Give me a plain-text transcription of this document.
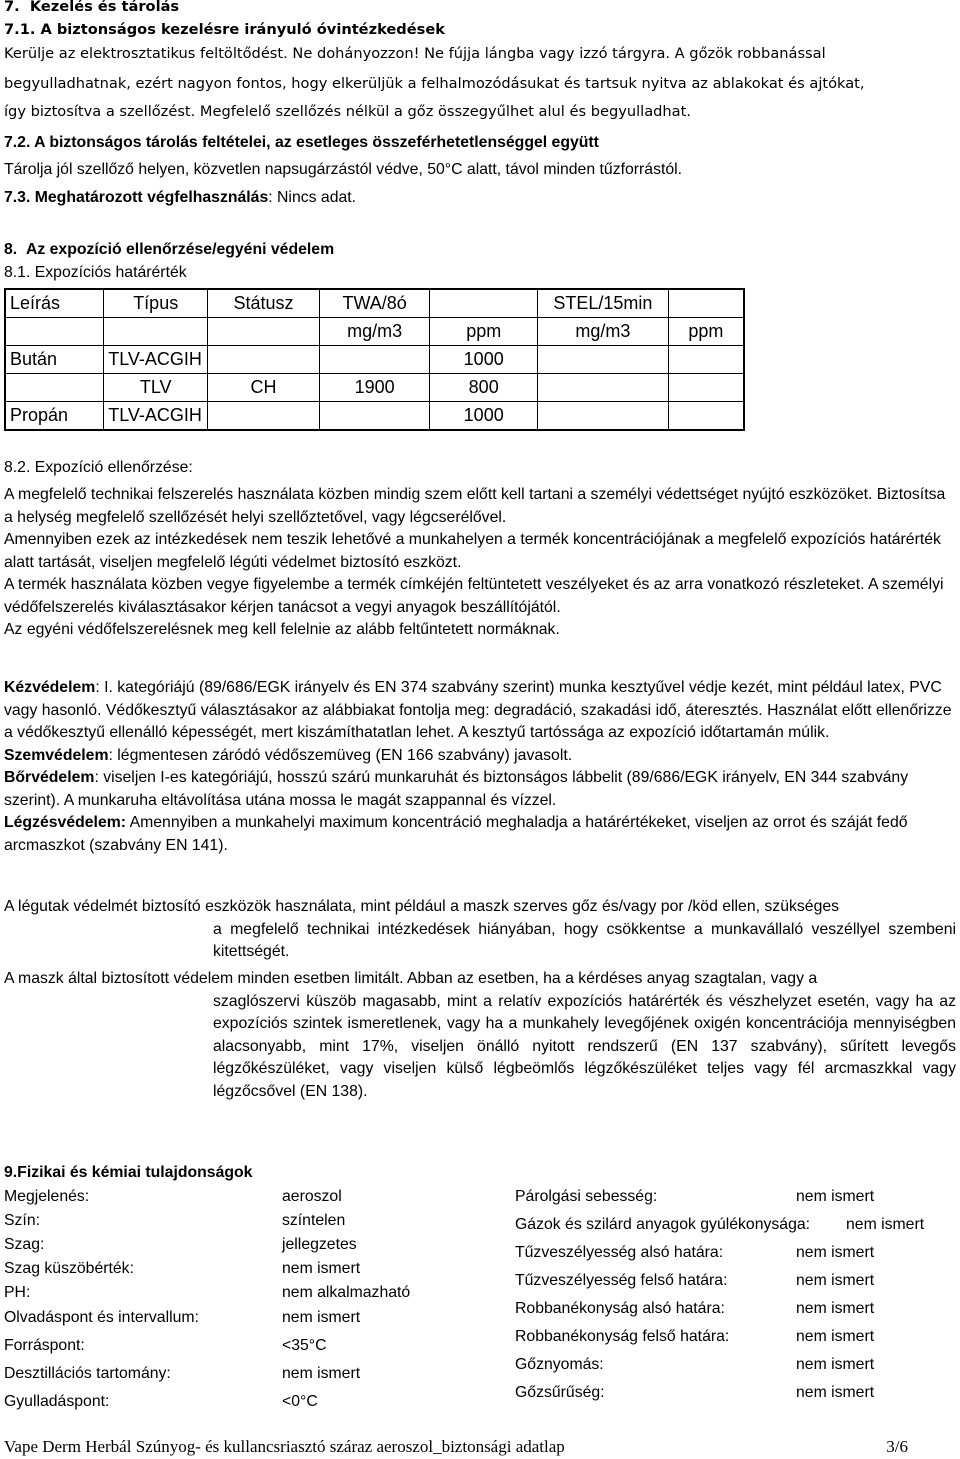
7.  Kezelés és tárolás
7.1. A biztonságos kezelésre irányuló óvintézkedések
Kerülje az elektrosztatikus feltöltődést. Ne dohányozzon! Ne fújja lángba vagy izzó tárgyra. A gőzök robbanással
begyulladhatnak, ezért nagyon fontos, hogy elkerüljük a felhalmozódásukat és tartsuk nyitva az ablakokat és ajtókat,
így biztosítva a szellőzést. Megfelelő szellőzés nélkül a gőz összegyűlhet alul és begyulladhat.
7.2. A biztonságos tárolás feltételei, az esetleges összeférhetetlenséggel együtt
Tárolja jól szellőző helyen, közvetlen napsugárzástól védve, 50°C alatt, távol minden tűzforrástól.
7.3. Meghatározott végfelhasználás: Nincs adat.
8.  Az expozíció ellenőrzése/egyéni védelem
8.1. Expozíciós határérték
Leírás	Típus	Státusz	TWA/8ó		STEL/15min	
			mg/m3	ppm	mg/m3	ppm
Bután	TLV-ACGIH			1000		
	TLV	CH	1900	800		
Propán	TLV-ACGIH			1000		
8.2. Expozíció ellenőrzése:

A megfelelő technikai felszerelés használata közben mindig szem előtt kell tartani a személyi védettséget nyújtó eszközöket. Biztosítsa a helység megfelelő szellőzését helyi szellőztetővel, vagy légcserélővel.

Amennyiben ezek az intézkedések nem teszik lehetővé a munkahelyen a termék koncentrációjának a megfelelő expozíciós határérték alatt tartását, viseljen megfelelő légúti védelmet biztosító eszközt.

A termék használata közben vegye figyelembe a termék címkéjén feltüntetett veszélyeket és az arra vonatkozó részleteket. A személyi védőfelszerelés kiválasztásakor kérjen tanácsot a vegyi anyagok beszállítójától.

Az egyéni védőfelszerelésnek meg kell felelnie az alább feltűntetett normáknak.

Kézvédelem: I. kategóriájú (89/686/EGK irányelv és EN 374 szabvány szerint) munka kesztyűvel védje kezét, mint például latex, PVC vagy hasonló. Védőkesztyű választásakor az alábbiakat fontolja meg: degradáció, szakadási idő, áteresztés. Használat előtt ellenőrizze a védőkesztyű ellenálló képességét, mert kiszámíthatatlan lehet. A kesztyű tartóssága az expozíció időtartamán múlik.

Szemvédelem: légmentesen záródó védőszemüveg (EN 166 szabvány) javasolt.

Bőrvédelem: viseljen I-es kategóriájú, hosszú szárú munkaruhát és biztonságos lábbelit (89/686/EGK irányelv, EN 344 szabvány szerint). A munkaruha eltávolítása utána mossa le magát szappannal és vízzel.

Légzésvédelem: Amennyiben a munkahelyi maximum koncentráció meghaladja a határértékeket, viseljen az orrot és száját fedő arcmaszkot (szabvány EN 141).

A légutak védelmét biztosító eszközök használata, mint például a maszk szerves gőz és/vagy por /köd ellen, szükséges

a megfelelő technikai intézkedések hiányában, hogy csökkentse a munkavállaló veszéllyel szembeni kitettségét.

A maszk által biztosított védelem minden esetben limitált. Abban az esetben, ha a kérdéses anyag szagtalan, vagy a

szaglószervi küszöb magasabb, mint a relatív expozíciós határérték és vészhelyzet esetén, vagy ha az expozíciós szintek ismeretlenek, vagy ha a munkahely levegőjének oxigén koncentrációja mennyiségben alacsonyabb, mint 17%, viseljen önálló nyitott rendszerű (EN 137 szabvány), sűrített levegős légzőkészüléket, vagy viseljen külső légbeömlős légzőkészüléket teljes vagy fél arcmaszkkal vagy légzőcsővel (EN 138).

9.Fizikai és kémiai tulajdonságok
Megjelenés:	aeroszol
Szín:	színtelen
Szag:	jellegzetes
Szag küszöbérték:	nem ismert
PH:	nem alkalmazható
Olvadáspont és intervallum:	nem ismert
Forráspont:	<35°C
Desztillációs tartomány:	nem ismert
Gyulladáspont:	<0°C
Párolgási sebesség:	nem ismert
Gázok és szilárd anyagok gyúlékonysága: nem ismert
Tűzveszélyesség alsó határa:	nem ismert
Tűzveszélyesség felső határa:	nem ismert
Robbanékonyság alsó határa:	nem ismert
Robbanékonyság felső határa:	nem ismert
Gőznyomás:	nem ismert
Gőzsűrűség:	nem ismert
Vape Derm Herbál Szúnyog- és kullancsriasztó száraz aeroszol_biztonsági adatlap	3/6
